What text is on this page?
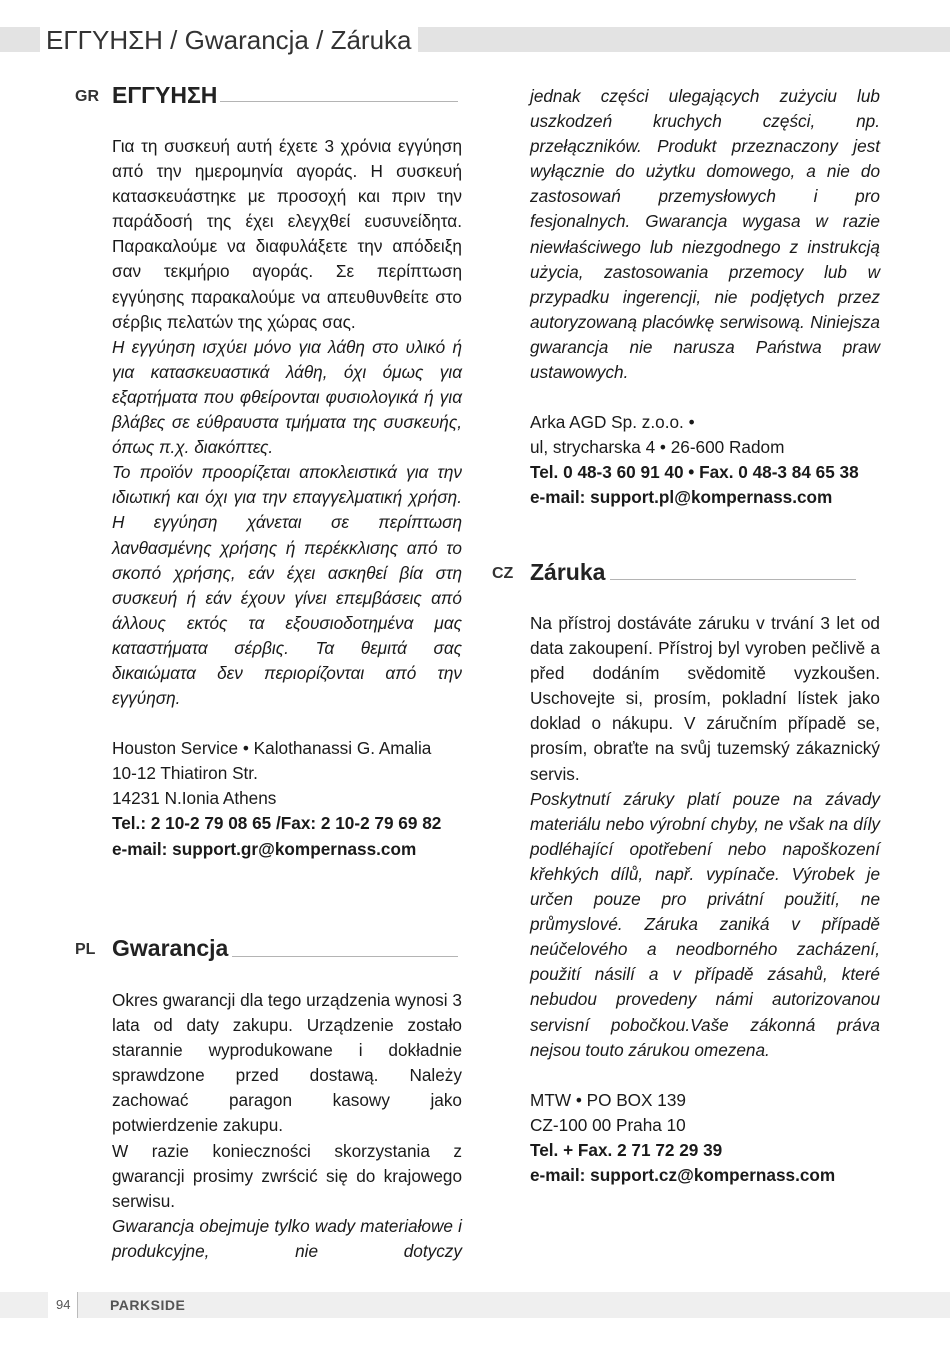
ΕΓΓΥΗΣΗ / Gwarancja / Záruka
GR ΕΓΓΥΗΣΗ

Για τη συσκευή αυτή έχετε 3 χρόνια εγγύηση από την ημερομηνία αγοράς. Η συσκευή κατασκευάστηκε με προσοχή και πριν την παράδοσή της έχει ελεγχθεί ευσυνείδητα. Παρακαλούμε να διαφυλάξετε την απόδειξη σαν τεκμήριο αγοράς. Σε περίπτωση εγγύησης παρακαλούμε να απευθυνθείτε στο σέρβις πελατών της χώρας σας.

Η εγγύηση ισχύει μόνο για λάθη στο υλικό ή για κατασκευαστικά λάθη, όχι όμως για εξαρτήματα που φθείρονται φυσιολογικά ή για βλάβες σε εύθραυστα τμήματα της συσκευής, όπως π.χ. διακόπτες.

Το προϊόν προορίζεται αποκλειστικά για την ιδιωτική και όχι για την επαγγελματική χρήση. Η εγγύηση χάνεται σε περίπτωση λανθασμένης χρήσης ή περέκκλισης από το σκοπό χρήσης, εάν έχει ασκηθεί βία στη συσκευή ή εάν έχουν γίνει επεμβάσεις από άλλους εκτός τα εξουσιοδοτημένα μας καταστήματα σέρβις. Τα θεμιτά σας δικαιώματα δεν περιορίζονται από την εγγύηση.

Houston Service • Kalothanassi G. Amalia

10-12 Thiatiron Str.

14231 N.Ionia Athens

Tel.: 2 10-2 79 08 65 /Fax: 2 10-2 79 69 82

e-mail: support.gr@kompernass.com

PL Gwarancja

Okres gwarancji dla tego urządzenia wynosi 3 lata od daty zakupu. Urządzenie zostało starannie wyprodukowane i dokładnie sprawdzone przed dostawą. Należy zachować paragon kasowy jako potwierdzenie zakupu.

W razie konieczności skorzystania z gwarancji prosimy zwrścić się do krajowego serwisu.

Gwarancja obejmuje tylko wady materiałowe i produkcyjne, nie dotyczy

jednak części ulegających zużyciu lub uszkodzeń kruchych części, np. przełączników. Produkt przeznaczony jest wyłącznie do użytku domowego, a nie do zastosowań przemysłowych i pro fesjonalnych. Gwarancja wygasa w razie niewłaściwego lub niezgodnego z instrukcją użycia, zastosowania przemocy lub w przypadku ingerencji, nie podjętych przez autoryzowaną placówkę serwisową. Niniejsza gwarancja nie narusza Państwa praw ustawowych.

Arka AGD Sp. z.o.o. •

ul, strycharska 4 • 26-600 Radom

Tel. 0 48-3 60 91 40 • Fax. 0 48-3 84 65 38

e-mail: support.pl@kompernass.com

CZ Záruka

Na přístroj dostáváte záruku v trvání 3 let od data zakoupení. Přístroj byl vyroben pečlivě a před dodáním svědomitě vyzkoušen. Uschovejte si, prosím, pokladní lístek jako doklad o nákupu. V záručním případě se, prosím, obraťte na svůj tuzemský zákaznický servis.

Poskytnutí záruky platí pouze na závady materiálu nebo výrobní chyby, ne však na díly podléhající opotřebení nebo napoškození křehkých dílů, např. vypínače. Výrobek je určen pouze pro privátní použití, ne průmyslové. Záruka zaniká v případě neúčelového a neodborného zacházení, použití násilí a v případě zásahů, které nebudou provedeny námi autorizovanou servisní pobočkou.Vaše zákonná práva nejsou touto zárukou omezena.

MTW • PO BOX 139

CZ-100 00 Praha 10

Tel. + Fax. 2 71 72 29 39

e-mail: support.cz@kompernass.com

94	PARKSIDE
